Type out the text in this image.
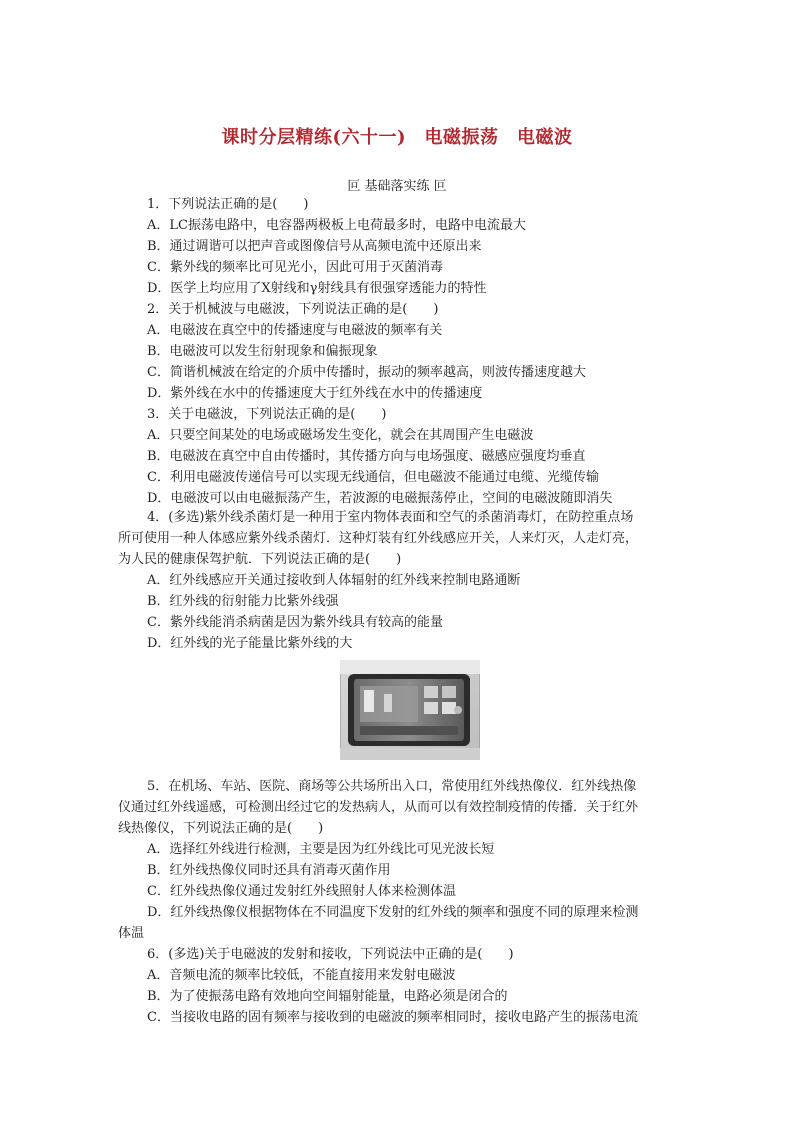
课时分层精练(六十一)　电磁振荡　电磁波
叵 基础落实练 叵
1．下列说法正确的是(　　)
A．LC振荡电路中，电容器两极板上电荷最多时，电路中电流最大
B．通过调谐可以把声音或图像信号从高频电流中还原出来
C．紫外线的频率比可见光小，因此可用于灭菌消毒
D．医学上均应用了X射线和γ射线具有很强穿透能力的特性
2．关于机械波与电磁波，下列说法正确的是(　　)
A．电磁波在真空中的传播速度与电磁波的频率有关
B．电磁波可以发生衍射现象和偏振现象
C．简谐机械波在给定的介质中传播时，振动的频率越高，则波传播速度越大
D．紫外线在水中的传播速度大于红外线在水中的传播速度
3．关于电磁波，下列说法正确的是(　　)
A．只要空间某处的电场或磁场发生变化，就会在其周围产生电磁波
B．电磁波在真空中自由传播时，其传播方向与电场强度、磁感应强度均垂直
C．利用电磁波传递信号可以实现无线通信，但电磁波不能通过电缆、光缆传输
D．电磁波可以由电磁振荡产生，若波源的电磁振荡停止，空间的电磁波随即消失
4．(多选)紫外线杀菌灯是一种用于室内物体表面和空气的杀菌消毒灯，在防控重点场
所可使用一种人体感应紫外线杀菌灯．这种灯装有红外线感应开关，人来灯灭，人走灯亮，
为人民的健康保驾护航．下列说法正确的是(　　)
A．红外线感应开关通过接收到人体辐射的红外线来控制电路通断
B．红外线的衍射能力比紫外线强
C．紫外线能消杀病菌是因为紫外线具有较高的能量
D．红外线的光子能量比紫外线的大
5．在机场、车站、医院、商场等公共场所出入口，常使用红外线热像仪．红外线热像
仪通过红外线遥感，可检测出经过它的发热病人，从而可以有效控制疫情的传播．关于红外
线热像仪，下列说法正确的是(　　)
A．选择红外线进行检测，主要是因为红外线比可见光波长短
B．红外线热像仪同时还具有消毒灭菌作用
C．红外线热像仪通过发射红外线照射人体来检测体温
D．红外线热像仪根据物体在不同温度下发射的红外线的频率和强度不同的原理来检测
体温
6．(多选)关于电磁波的发射和接收，下列说法中正确的是(　　)
A．音频电流的频率比较低，不能直接用来发射电磁波
B．为了使振荡电路有效地向空间辐射能量，电路必须是闭合的
C．当接收电路的固有频率与接收到的电磁波的频率相同时，接收电路产生的振荡电流
